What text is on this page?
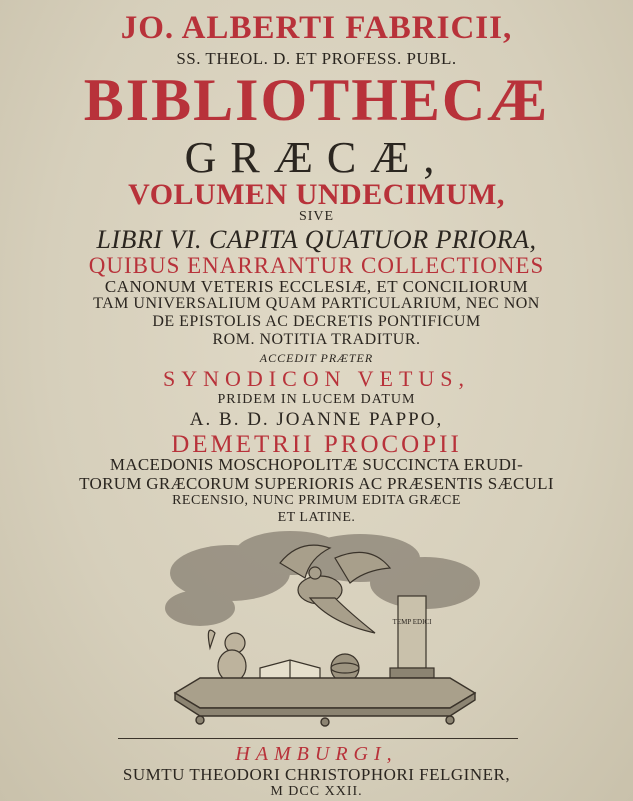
JO. ALBERTI FABRICII,
SS. THEOL. D. ET PROFESS. PUBL.
BIBLIOTHECÆ
GRÆCÆ,
VOLUMEN UNDECIMUM,
SIVE
LIBRI VI. CAPITA QUATUOR PRIORA,
QUIBUS ENARRANTUR COLLECTIONES
CANONUM VETERIS ECCLESIÆ, ET CONCILIORUM
TAM UNIVERSALIUM QUAM PARTICULARIUM, NEC NON
DE EPISTOLIS AC DECRETIS PONTIFICUM
ROM. NOTITIA TRADITUR.
ACCEDIT PRÆTER
SYNODICON VETUS,
PRIDEM IN LUCEM DATUM
A. B. D. JOANNE PAPPO,
DEMETRII PROCOPII
MACEDONIS MOSCHOPOLITÆ SUCCINCTA ERUDI-
TORUM GRÆCORUM SUPERIORIS AC PRÆSENTIS SÆCULI
RECENSIO, NUNC PRIMUM EDITA GRÆCE
ET LATINE.
TEMP EDICI
HAMBURGI,
SUMTU THEODORI CHRISTOPHORI FELGINER,
M DCC XXII.
